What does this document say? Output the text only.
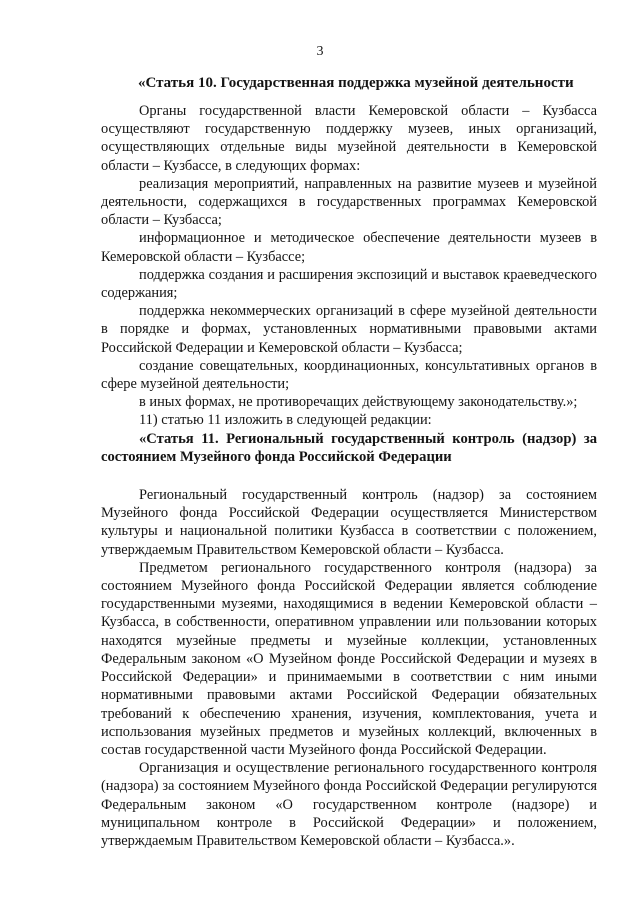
3
«Статья 10. Государственная поддержка музейной деятельности

Органы государственной власти Кемеровской области – Кузбасса осуществляют государственную поддержку музеев, иных организаций, осуществляющих отдельные виды музейной деятельности в Кемеровской области – Кузбассе, в следующих формах:

реализация мероприятий, направленных на развитие музеев и музейной деятельности, содержащихся в государственных программах Кемеровской области – Кузбасса;

информационное и методическое обеспечение деятельности музеев в Кемеровской области – Кузбассе;

поддержка создания и расширения экспозиций и выставок краеведческого содержания;

поддержка некоммерческих организаций в сфере музейной деятельности в порядке и формах, установленных нормативными правовыми актами Российской Федерации и Кемеровской области – Кузбасса;

создание совещательных, координационных, консультативных органов в сфере музейной деятельности;

в иных формах, не противоречащих действующему законодательству.»;

11) статью 11 изложить в следующей редакции:

«Статья 11. Региональный государственный контроль (надзор) за состоянием Музейного фонда Российской Федерации

Региональный государственный контроль (надзор) за состоянием Музейного фонда Российской Федерации осуществляется Министерством культуры и национальной политики Кузбасса в соответствии с положением, утверждаемым Правительством Кемеровской области – Кузбасса.

Предметом регионального государственного контроля (надзора) за состоянием Музейного фонда Российской Федерации является соблюдение государственными музеями, находящимися в ведении Кемеровской области – Кузбасса, в собственности, оперативном управлении или пользовании которых находятся музейные предметы и музейные коллекции, установленных Федеральным законом «О Музейном фонде Российской Федерации и музеях в Российской Федерации» и принимаемыми в соответствии с ним иными нормативными правовыми актами Российской Федерации обязательных требований к обеспечению хранения, изучения, комплектования, учета и использования музейных предметов и музейных коллекций, включенных в состав государственной части Музейного фонда Российской Федерации.

Организация и осуществление регионального государственного контроля (надзора) за состоянием Музейного фонда Российской Федерации регулируются Федеральным законом «О государственном контроле (надзоре) и муниципальном контроле в Российской Федерации» и положением, утверждаемым Правительством Кемеровской области – Кузбасса.».
